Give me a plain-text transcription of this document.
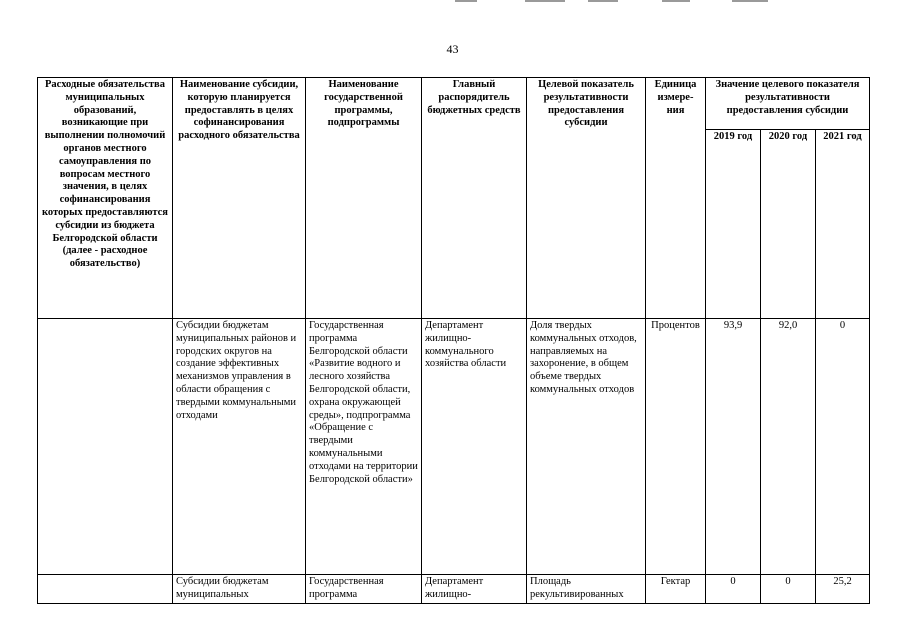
43
Расходные обязательства муниципальных образований, возникающие при выполнении полномочий органов местного самоуправления по вопросам местного значения, в целях софинансирования которых предоставляются субсидии из бюджета Белгородской области (далее - расходное обязательство)	Наименование субсидии, которую планируется предоставлять в целях софинансирования расходного обязательства	Наименование государственной программы, подпрограммы	Главный распорядитель бюджетных средств	Целевой показатель результативности предоставления субсидии	Единица измере-ния	Значение целевого показателя результативности предоставления субсидии		
						2019 год	2020 год	2021 год
	Субсидии бюджетам муниципальных районов и городских округов на создание эффективных механизмов управления в области обращения с твердыми коммунальными отходами	Государственная программа Белгородской области «Развитие водного и лесного хозяйства Белгородской области, охрана окружающей среды», подпрограмма «Обращение с твердыми коммунальными отходами на территории Белгородской области»	Департамент жилищно-коммунального хозяйства области	Доля твердых коммунальных отходов, направляемых на захоронение, в общем объеме твердых коммунальных отходов	Процентов	93,9	92,0	0
	Субсидии бюджетам муниципальных	Государственная программа	Департамент жилищно-	Площадь рекультивированных	Гектар	0	0	25,2
